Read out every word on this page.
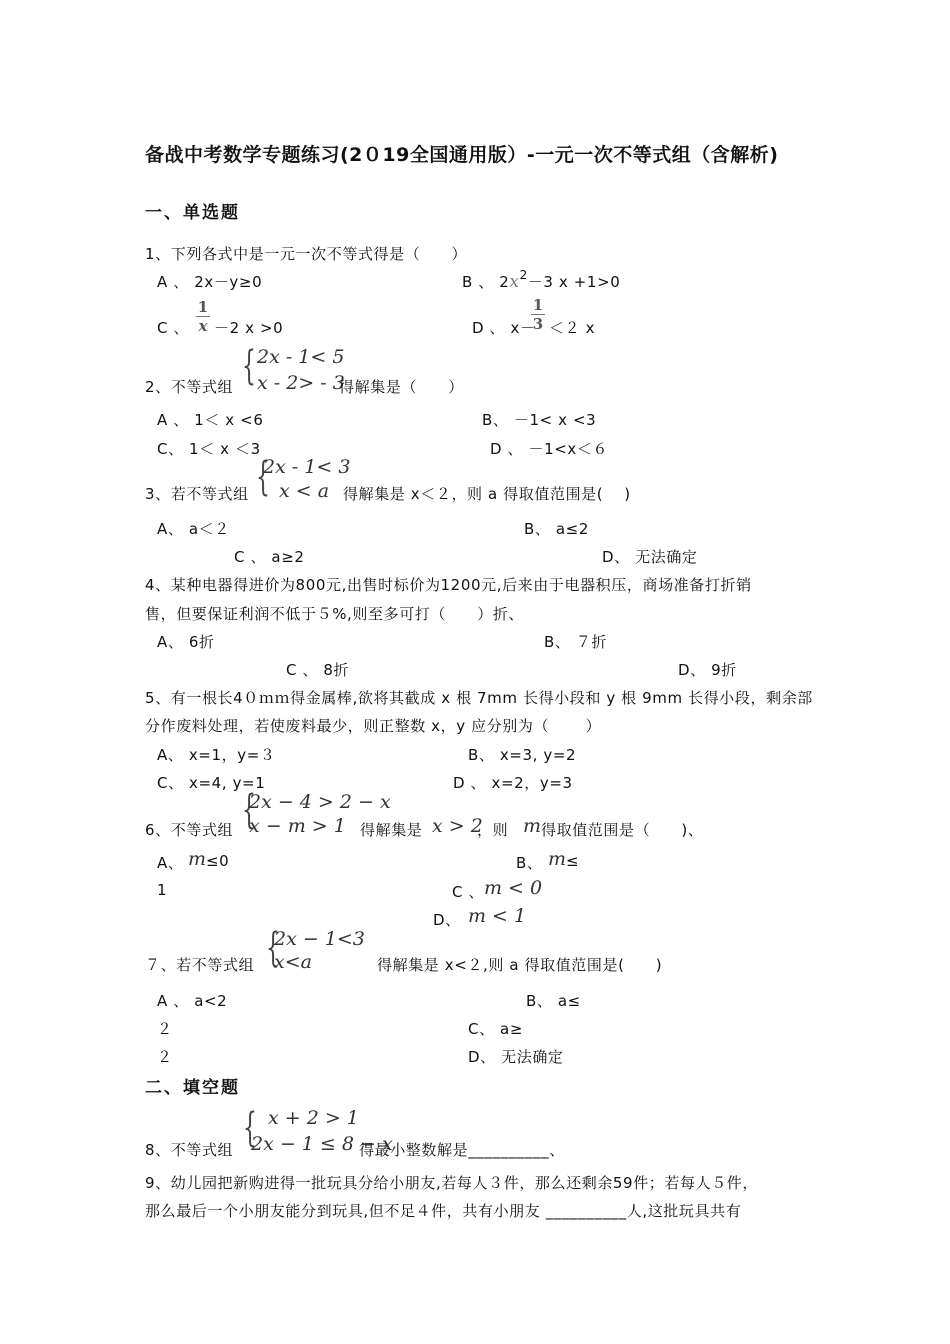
备战中考数学专题练习(2０19全国通用版）-一元一次不等式组（含解析)
一、单选题
1、下列各式中是一元一次不等式得是（　　）
A 、 2x－y≥0	B 、 $2x^2-3$ x +1>0
C 、
1
x －2 x >0	D 、 x－
1
3 ＜２ x
2、不等式组 { 2x - 1< 5
x - 2> - 3
得解集是（　　）
A 、 1＜ x <6	B、 －1< x <3
C、 1＜ x ＜3	D 、 －1<x＜６
3、若不等式组 {
2x - 1< 3
x < a 得解集是 x＜２，则 a 得取值范围是(　 )
A、 a＜２	B、 a≤2
C 、 a≥2	D、 无法确定
4、某种电器得进价为800元,出售时标价为1200元,后来由于电器积压，商场准备打折销
售，但要保证利润不低于５%,则至多可打（　　）折、
A、 6折	B、 ７折
C 、 8折	D、 9折
5、有一根长4０ｍｍ得金属棒,欲将其截成 x 根 7mm 长得小段和 y 根 9mm 长得小段，剩余部
分作废料处理，若使废料最少，则正整数 x，y 应分别为（　　 ）
A、 x=1，y=３	B、 x=3, y=2
C、 x=4, y=1	D 、 x=2，y=3
6、不等式组 {
2x − 4 > 2 − x
x − m > 1 得解集是 x > 2
，则 m 得取值范围是（　　)、
A、 m ≤0	B、 m ≤
1	C 、 m < 0
D、 m < 1
７、若不等式组 {
2x − 1<3
x<a	得解集是 x<２,则 a 得取值范围是(　　)
A 、 a<2	B、 a≤
２	C、 a≥
２	D、 无法确定
二、填空题
8、不等式组 { x + 2 > 1
2x − 1 ≤ 8 − x
得最小整数解是__________、
9、幼儿园把新购进得一批玩具分给小朋友,若每人３件，那么还剩余59件；若每人５件，
那么最后一个小朋友能分到玩具,但不足４件，共有小朋友 __________人,这批玩具共有
